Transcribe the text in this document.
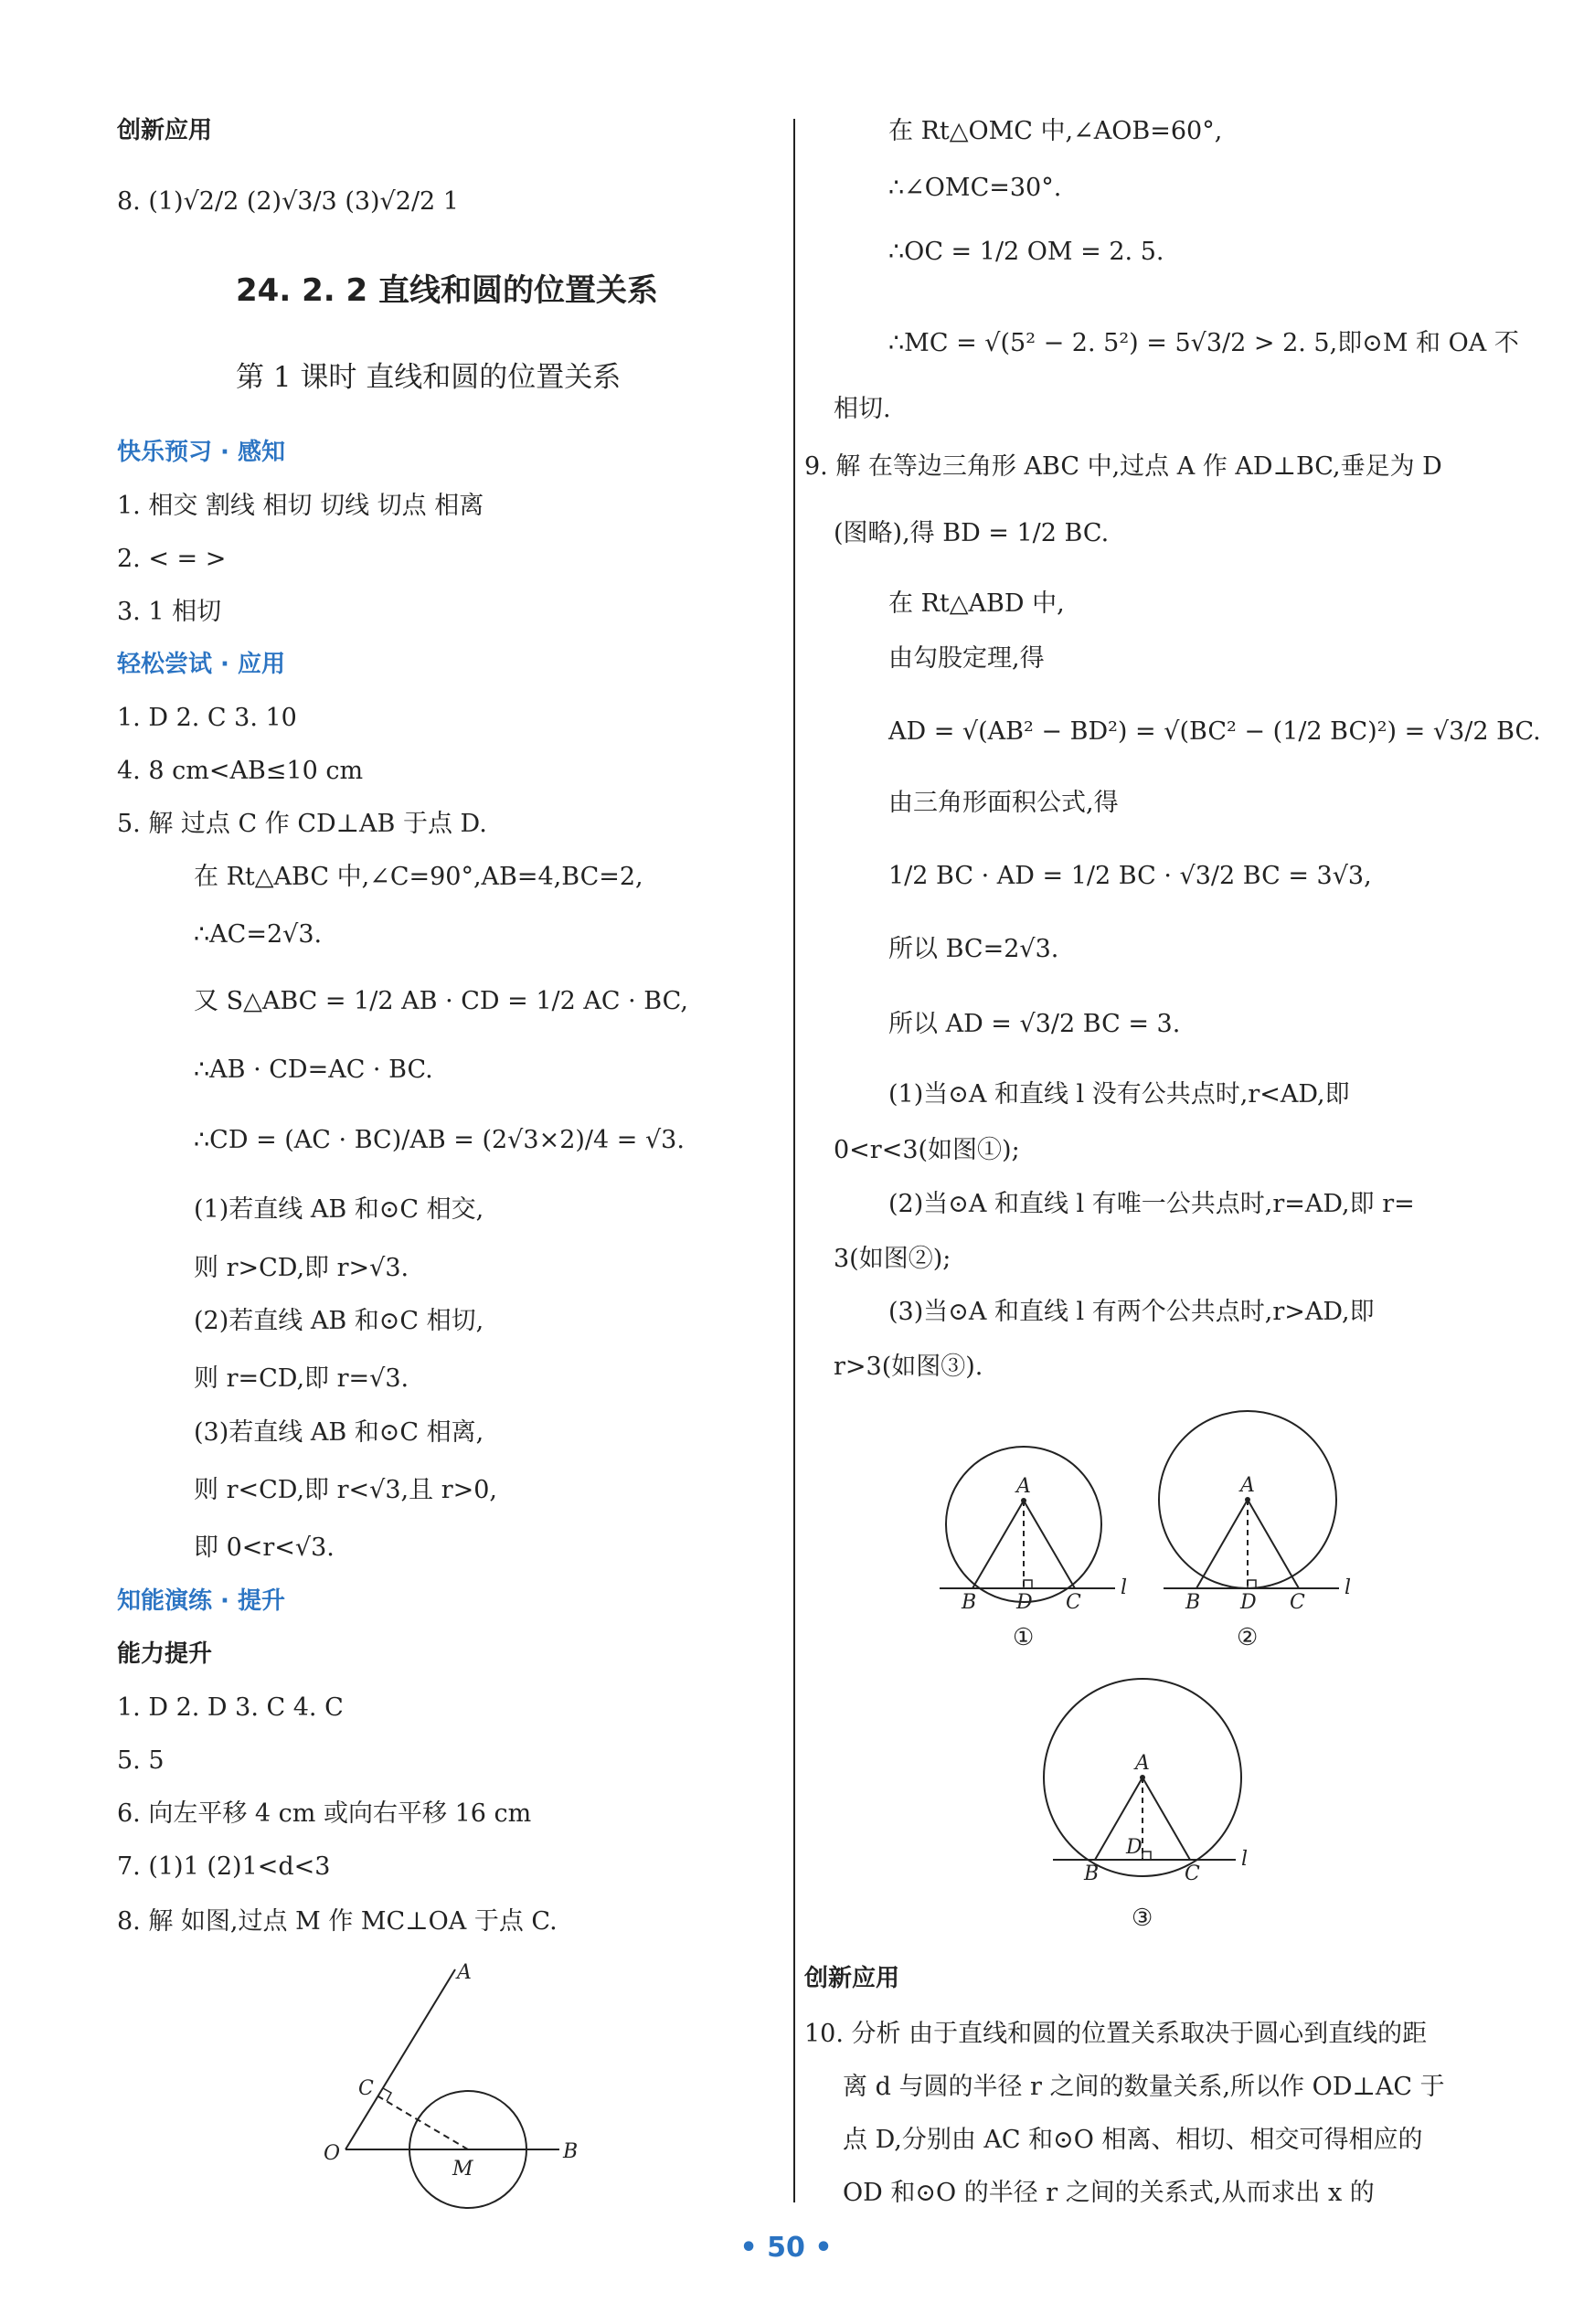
创新应用
8. (1)√2/2 (2)√3/3 (3)√2/2 1
24. 2. 2 直线和圆的位置关系
第 1 课时 直线和圆的位置关系
快乐预习 · 感知
1. 相交 割线 相切 切线 切点 相离
2. < = >
3. 1 相切
轻松尝试 · 应用
1. D 2. C 3. 10
4. 8 cm<AB≤10 cm
5. 解 过点 C 作 CD⊥AB 于点 D.
在 Rt△ABC 中,∠C=90°,AB=4,BC=2,
∴AC=2√3.
又 S△ABC = 1/2 AB · CD = 1/2 AC · BC,
∴AB · CD=AC · BC.
∴CD = (AC · BC)/AB = (2√3×2)/4 = √3.
(1)若直线 AB 和⊙C 相交,
则 r>CD,即 r>√3.
(2)若直线 AB 和⊙C 相切,
则 r=CD,即 r=√3.
(3)若直线 AB 和⊙C 相离,
则 r<CD,即 r<√3,且 r>0,
即 0<r<√3.
知能演练 · 提升
能力提升
1. D 2. D 3. C 4. C
5. 5
6. 向左平移 4 cm 或向右平移 16 cm
7. (1)1 (2)1<d<3
8. 解 如图,过点 M 作 MC⊥OA 于点 C.
A
C
O	B
M
在 Rt△OMC 中,∠AOB=60°,
∴∠OMC=30°.
∴OC = 1/2 OM = 2. 5.
∴MC = √(5² − 2. 5²) = 5√3/2 > 2. 5,即⊙M 和 OA 不
相切.
9. 解 在等边三角形 ABC 中,过点 A 作 AD⊥BC,垂足为 D
(图略),得 BD = 1/2 BC.
在 Rt△ABD 中,
由勾股定理,得
AD = √(AB² − BD²) = √(BC² − (1/2 BC)²) = √3/2 BC.
由三角形面积公式,得
1/2 BC · AD = 1/2 BC · √3/2 BC = 3√3,
所以 BC=2√3.
所以 AD = √3/2 BC = 3.
(1)当⊙A 和直线 l 没有公共点时,r<AD,即
0<r<3(如图①);
(2)当⊙A 和直线 l 有唯一公共点时,r=AD,即 r=
3(如图②);
(3)当⊙A 和直线 l 有两个公共点时,r>AD,即
r>3(如图③).
A
B D C
l
①
A
B D C
l
②
A
D
B	C
l
③
创新应用
10. 分析 由于直线和圆的位置关系取决于圆心到直线的距
离 d 与圆的半径 r 之间的数量关系,所以作 OD⊥AC 于
点 D,分别由 AC 和⊙O 相离、相切、相交可得相应的
OD 和⊙O 的半径 r 之间的关系式,从而求出 x 的
• 50 •
